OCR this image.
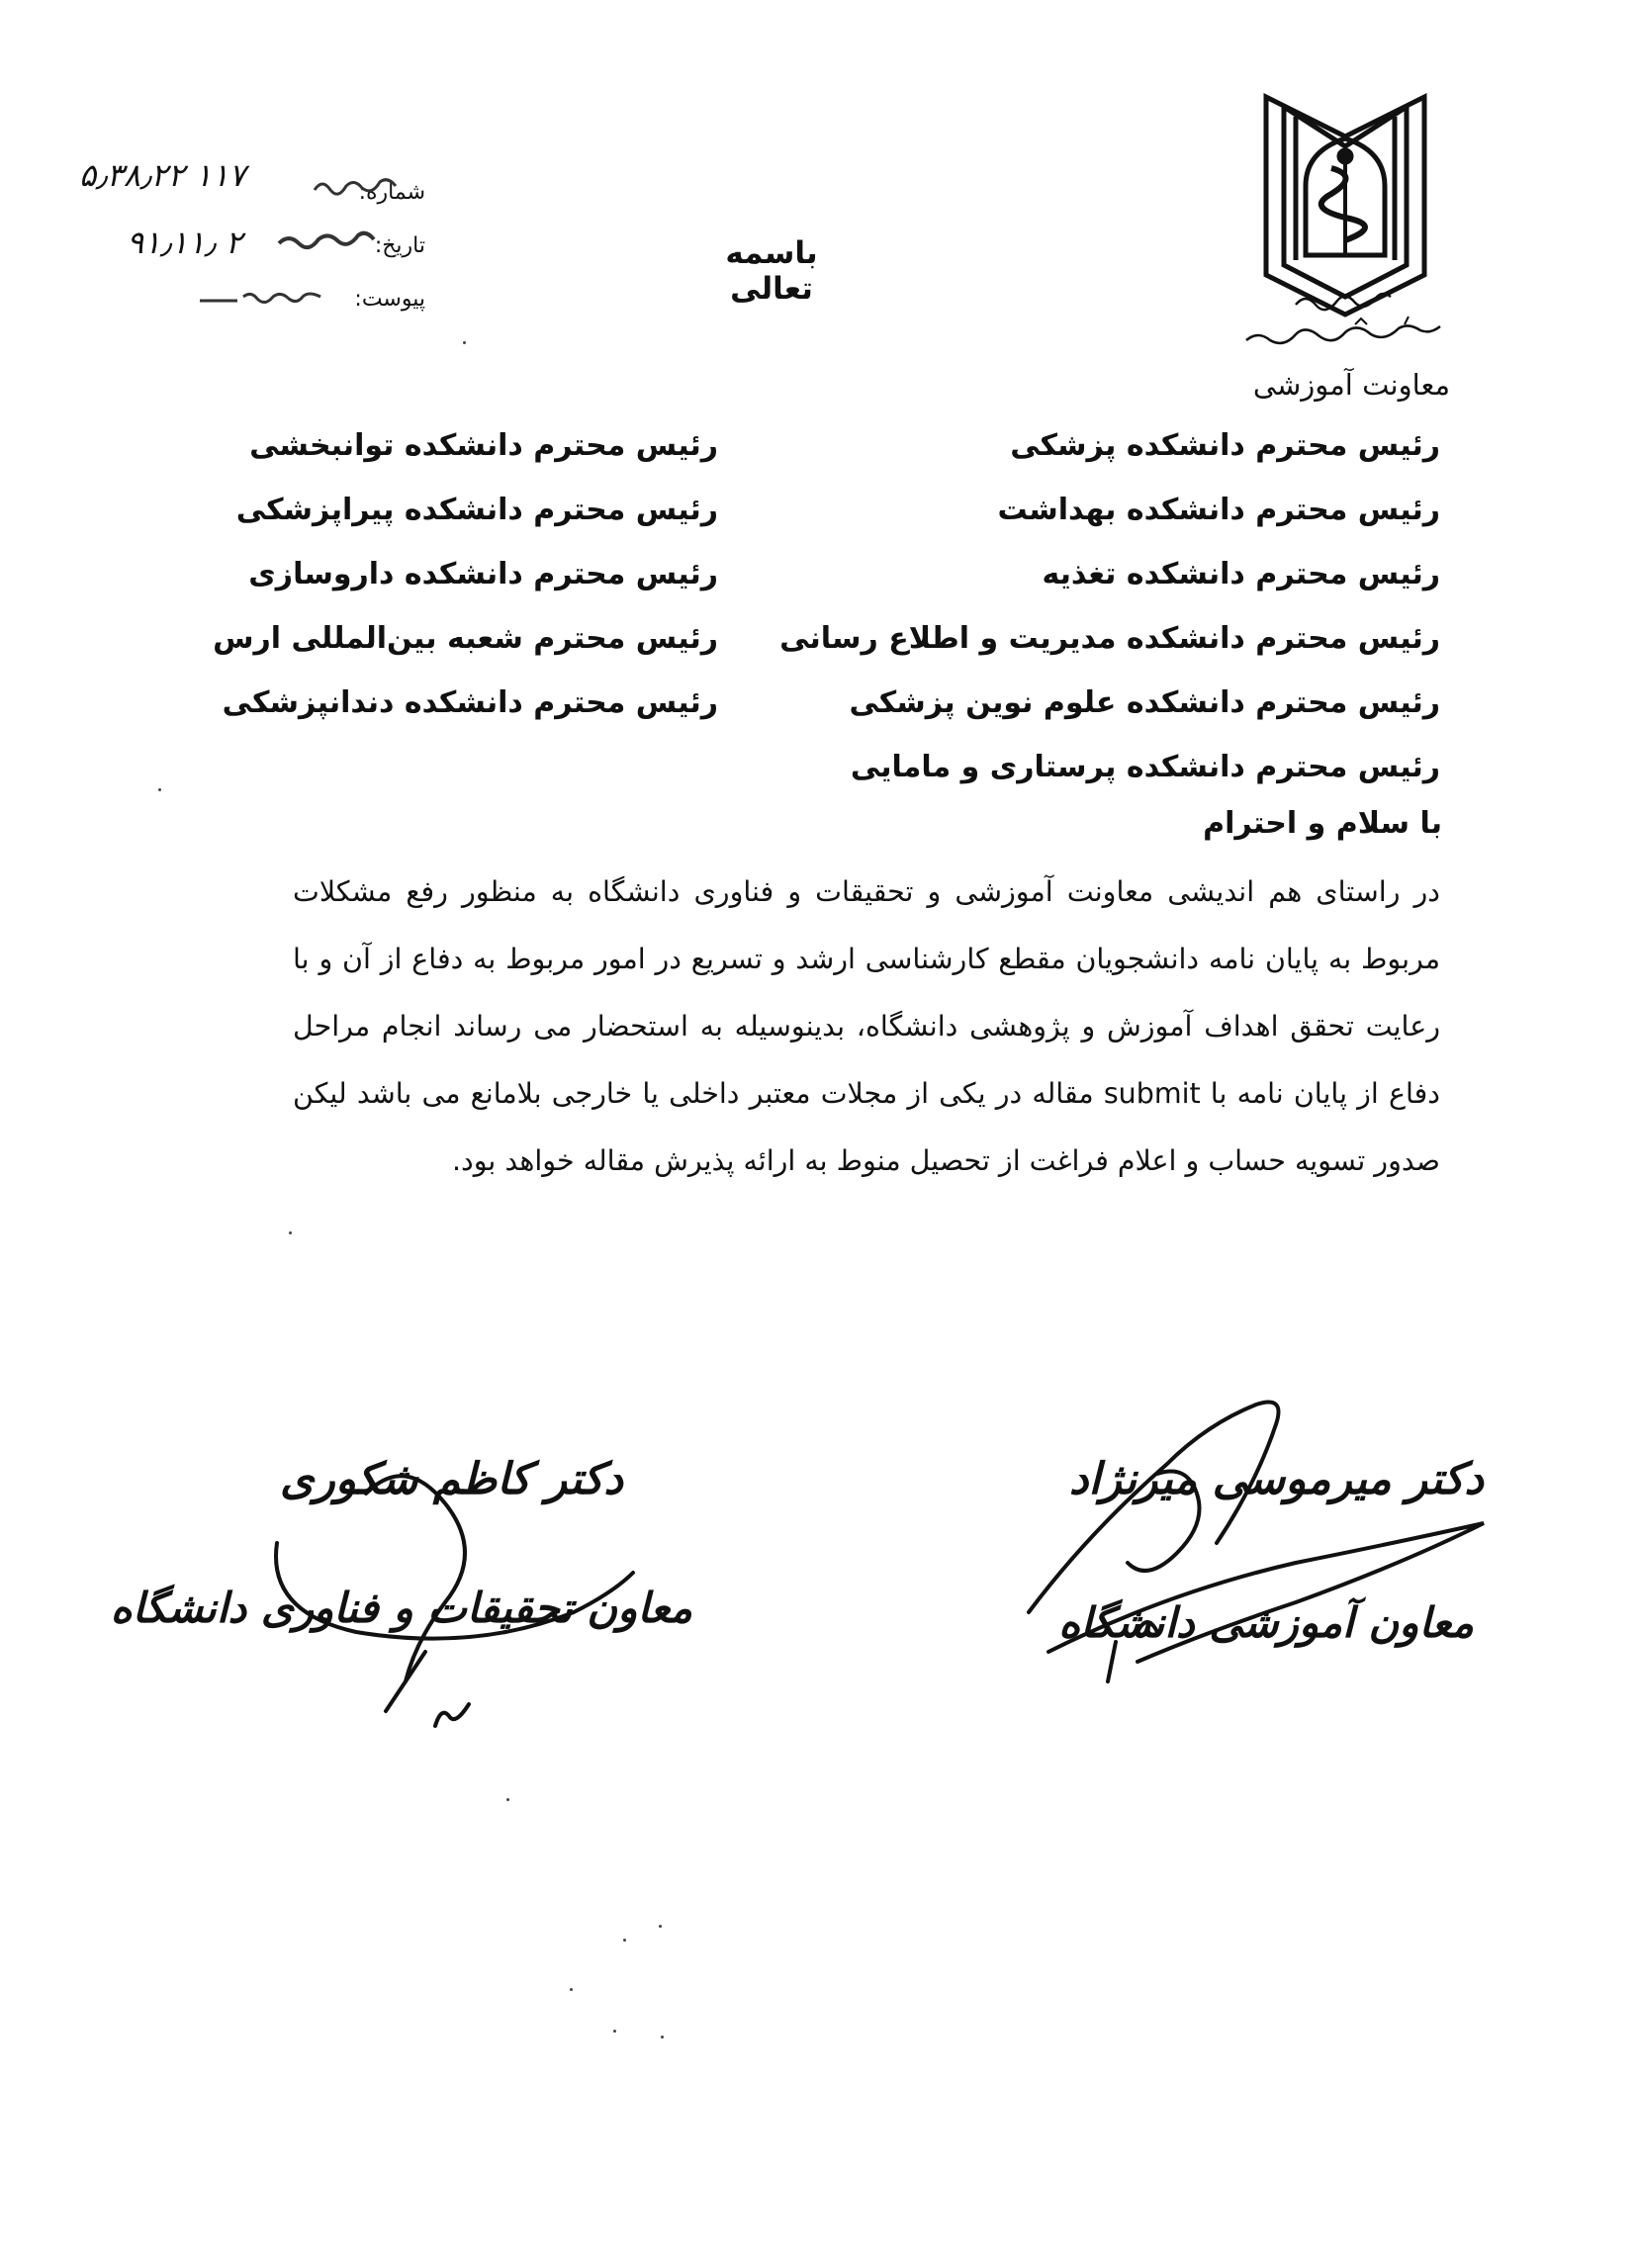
معاونت آموزشی
شماره:
تاریخ:
پیوست:
۵٫۳۸٫۲۲ ۱۱۷
۹۱٫۱۱٫ ۲	باسمه تعالی
رئیس محترم دانشکده پزشکی
رئیس محترم دانشکده بهداشت
رئیس محترم دانشکده تغذیه
رئیس محترم دانشکده مدیریت و اطلاع رسانی
رئیس محترم دانشکده علوم نوین پزشکی
رئیس محترم دانشکده پرستاری و مامایی
رئیس محترم دانشکده توانبخشی
رئیس محترم دانشکده پیراپزشکی
رئیس محترم دانشکده داروسازی
رئیس محترم شعبه بین‌المللی ارس
رئیس محترم دانشکده دندانپزشکی
با سلام و احترام
در راستای هم اندیشی معاونت آموزشی و تحقیقات و فناوری دانشگاه به منظور رفع مشکلات مربوط به پایان نامه دانشجویان مقطع کارشناسی ارشد و تسریع در امور مربوط به دفاع از آن و با رعایت تحقق اهداف آموزش و پژوهشی دانشگاه، بدینوسیله به استحضار می رساند انجام مراحل دفاع از پایان نامه با submit مقاله در یکی از مجلات معتبر داخلی یا خارجی بلامانع می باشد لیکن صدور تسویه حساب و اعلام فراغت از تحصیل منوط به ارائه پذیرش مقاله خواهد بود.
دکتر میرموسی میرنژاد
معاون آموزشی دانشگاه
دکتر کاظم شکوری
معاون تحقیقات و فناوری دانشگاه
